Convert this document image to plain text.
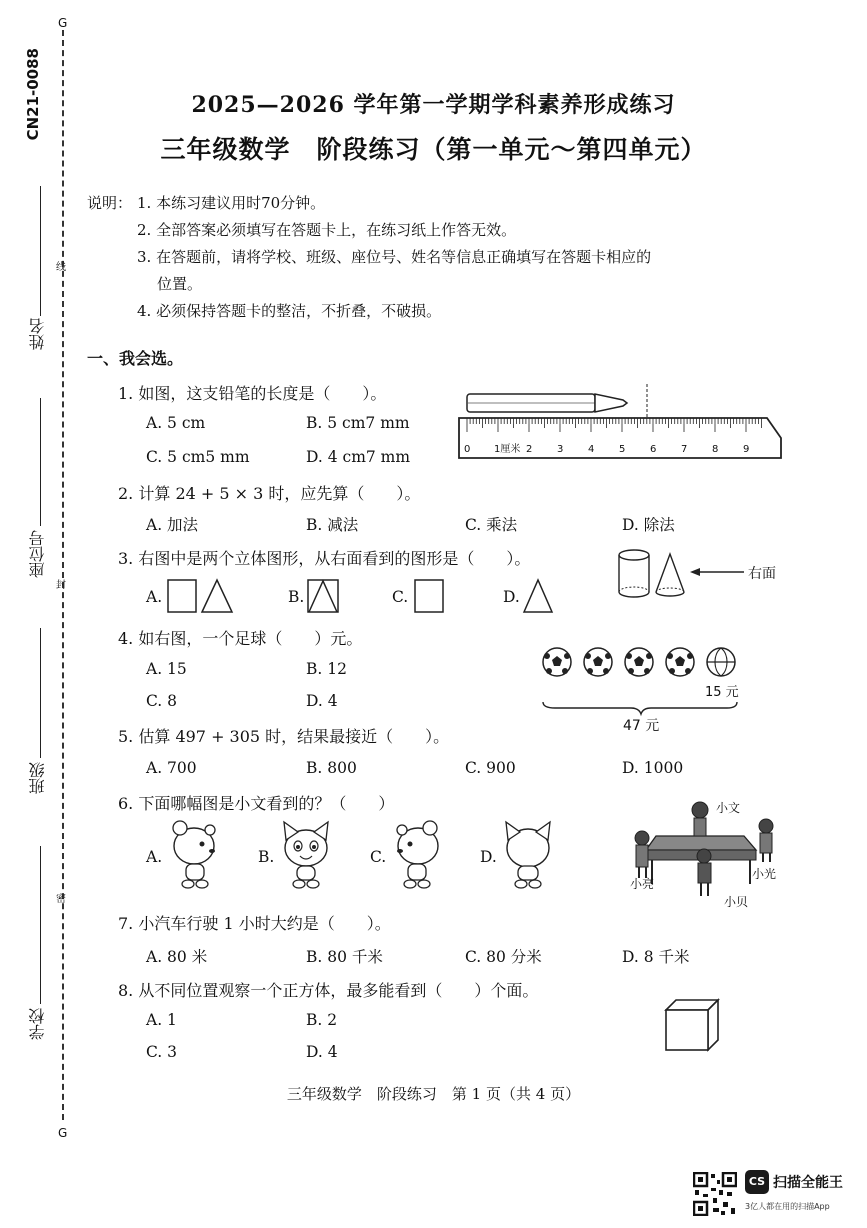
CN21-0088
G
G
姓名
座位号
班级
学校
线
封
密
2025—2026 学年第一学期学科素养形成练习
三年级数学　阶段练习（第一单元～第四单元）
说明： 1. 本练习建议用时70分钟。
2. 全部答案必须填写在答题卡上，在练习纸上作答无效。
3. 在答题前，请将学校、班级、座位号、姓名等信息正确填写在答题卡相应的
位置。
4. 必须保持答题卡的整洁，不折叠，不破损。
一、我会选。
1. 如图，这支铅笔的长度是（　　）。
A. 5 cm	B. 5 cm7 mm
C. 5 cm5 mm	D. 4 cm7 mm	0 1厘米 2 3 4 5 6 7 8 9
2. 计算 24 + 5 × 3 时，应先算（　　）。
A. 加法	B. 减法	C. 乘法	D. 除法
3. 右图中是两个立体图形，从右面看到的图形是（　　）。
A.	B.	C.	D.
右面
4. 如右图，一个足球（　　）元。
A. 15	B. 12
C. 8	D. 4	15 元
47 元
5. 估算 497 + 305 时，结果最接近（　　）。
A. 700	B. 800	C. 900	D. 1000
6. 下面哪幅图是小文看到的？（　　）
A.	B.	C.	D.
小文
小亮
小光
小贝
7. 小汽车行驶 1 小时大约是（　　）。
A. 80 米	B. 80 千米	C. 80 分米	D. 8 千米
8. 从不同位置观察一个正方体，最多能看到（　　）个面。
A. 1	B. 2
C. 3	D. 4
三年级数学　阶段练习　第 1 页（共 4 页）
CS 扫描全能王
3亿人都在用的扫描App
